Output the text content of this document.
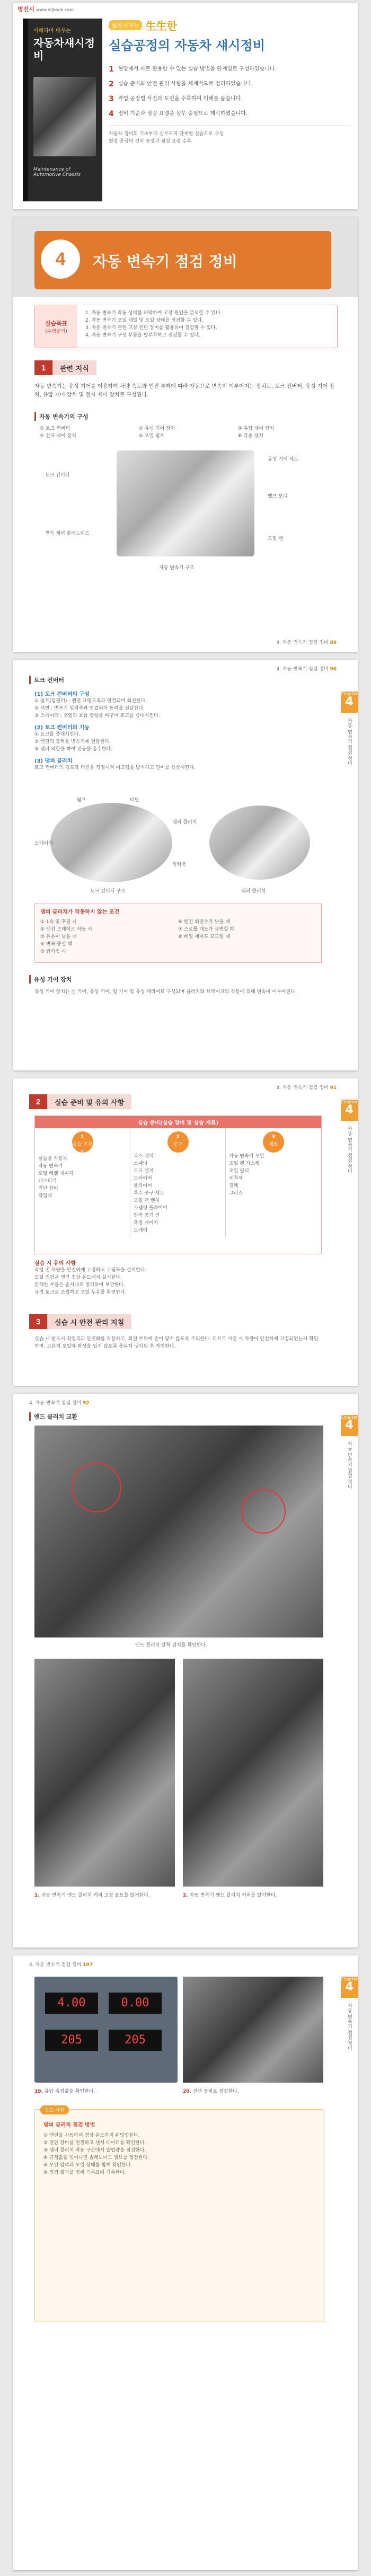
명진시 www.mjbook.com
이해하며 배우는
자동차섀시정비
Maintenance of Automotive Chassis
쉽게 배우는 生生한
실습공정의 자동차 섀시정비
1 현장에서 바로 활용할 수 있는 실습 방법을 단계별로 구성하였습니다.
2 실습 준비와 안전 관리 사항을 체계적으로 정리하였습니다.
3 작업 공정별 사진과 도면을 수록하여 이해를 돕습니다.
4 정비 기준과 점검 요령을 실무 중심으로 제시하였습니다.
자동차 정비의 기초부터 실무까지 단계별 실습으로 구성
현장 중심의 정비 공정과 점검 요령 수록
4	자동 변속기 점검 정비
실습목표
(수행준거)
1. 자동 변속기 작동 상태를 파악하여 고장 원인을 분석할 수 있다.
2. 자동 변속기 오일 레벨 및 오일 상태를 점검할 수 있다.
3. 자동 변속기 관련 고장 진단 장비를 활용하여 점검할 수 있다.
4. 자동 변속기 구성 부품을 탈부착하고 점검할 수 있다.
1	관련 지식
자동 변속기는 유성 기어를 이용하여 차량 속도와 엔진 부하에 따라 자동으로 변속이 이루어지는 장치로, 토크 컨버터, 유성 기어 장치, 유압 제어 장치 및 전자 제어 장치로 구성된다.
자동 변속기의 구성
① 토크 컨버터	② 유성 기어 장치	③ 유압 제어 장치
④ 전자 제어 장치	⑤ 오일 펌프	⑥ 각종 센서
토크 컨버터
변속 제어 솔레노이드
유성 기어 세트
밸브 보디
오일 팬
자동 변속기 구조
4. 자동 변속기 점검 정비 89
Chapter
4
자동 변속기 점검 정비
토크 컨버터
(1) 토크 컨버터의 구성
① 펌프(임펠러) : 엔진 크랭크축과 연결되어 회전한다.
② 터빈 : 변속기 입력축과 연결되어 동력을 전달한다.
③ 스테이터 : 오일의 흐름 방향을 바꾸어 토크를 증대시킨다.
(2) 토크 컨버터의 기능
① 토크를 증대시킨다.
② 엔진의 동력을 변속기에 전달한다.
③ 댐퍼 역할을 하여 진동을 흡수한다.
(3) 댐퍼 클러치
토크 컨버터의 펌프와 터빈을 직결시켜 미끄럼을 방지하고 연비를 향상시킨다.
펌프	터빈
스테이터
댐퍼 클러치
입력축
토크 컨버터 구조	댐퍼 클러치
댐퍼 클러치가 작동하지 않는 조건
① 1속 및 후진 시	⑥ 엔진 회전수가 낮을 때
② 엔진 브레이크 작동 시	⑦ 스로틀 개도가 급변할 때
③ 유온이 낮을 때	⑧ 페일 세이프 모드일 때
④ 변속 중일 때
⑤ 급가속 시
유성 기어 장치
유성 기어 장치는 선 기어, 유성 기어, 링 기어 및 유성 캐리어로 구성되며 클러치와 브레이크의 작동에 의해 변속이 이루어진다.
4. 자동 변속기 점검 정비 90
Chapter
4
자동 변속기 점검 정비
4. 자동 변속기 점검 정비 91
2	실습 준비 및 유의 사항
실습 준비(실습 장비 및 실습 재료)
1
실습 기자재
실습용 자동차
자동 변속기
오일 레벨 게이지
테스터기
진단 장비
작업대
2
공구
복스 렌치
스패너
토크 렌치
드라이버
플라이어
특수 공구 세트
오일 팬 렌치
스냅링 플라이어
압축 공기 건
측정 게이지
트레이
3
재료
자동 변속기 오일
오일 팬 가스켓
오일 필터
세척제
걸레
그리스
실습 시 유의 사항
작업 전 차량을 안전하게 고정하고 고임목을 설치한다.
오일 점검은 엔진 정상 온도에서 실시한다.
분해한 부품은 순서대로 정리하여 보관한다.
규정 토크로 조립하고 오일 누유를 확인한다.
3	실습 시 안전 관리 지침
실습 시 반드시 작업복과 안전화를 착용하고, 회전 부위에 손이 닿지 않도록 주의한다. 리프트 사용 시 차량이 안전하게 고정되었는지 확인하며, 고온의 오일에 화상을 입지 않도록 충분히 냉각된 후 작업한다.
4. 자동 변속기 점검 정비 92
Chapter
4
자동 변속기 점검 정비
엔드 클러치 교환
엔드 클러치 탈착 위치를 확인한다.
1. 자동 변속기 엔드 클러치 커버 고정 볼트를 탈거한다.	2. 자동 변속기 엔드 클러치 커버를 탈거한다.
4. 자동 변속기 점검 정비 107
Chapter
4
자동 변속기 점검 정비
4.00	0.00
205	205
19. 유압 측정값을 확인한다.	20. 진단 장비로 점검한다.
참고 사항
댐퍼 클러치 점검 방법
① 엔진을 시동하여 정상 온도까지 워밍업한다.
② 진단 장비를 연결하고 센서 데이터를 확인한다.
③ 댐퍼 클러치 작동 구간에서 슬립량을 점검한다.
④ 규정값을 벗어나면 솔레노이드 밸브를 점검한다.
⑤ 오일 압력과 오일 상태를 함께 확인한다.
⑥ 점검 결과를 정비 기록표에 기록한다.
